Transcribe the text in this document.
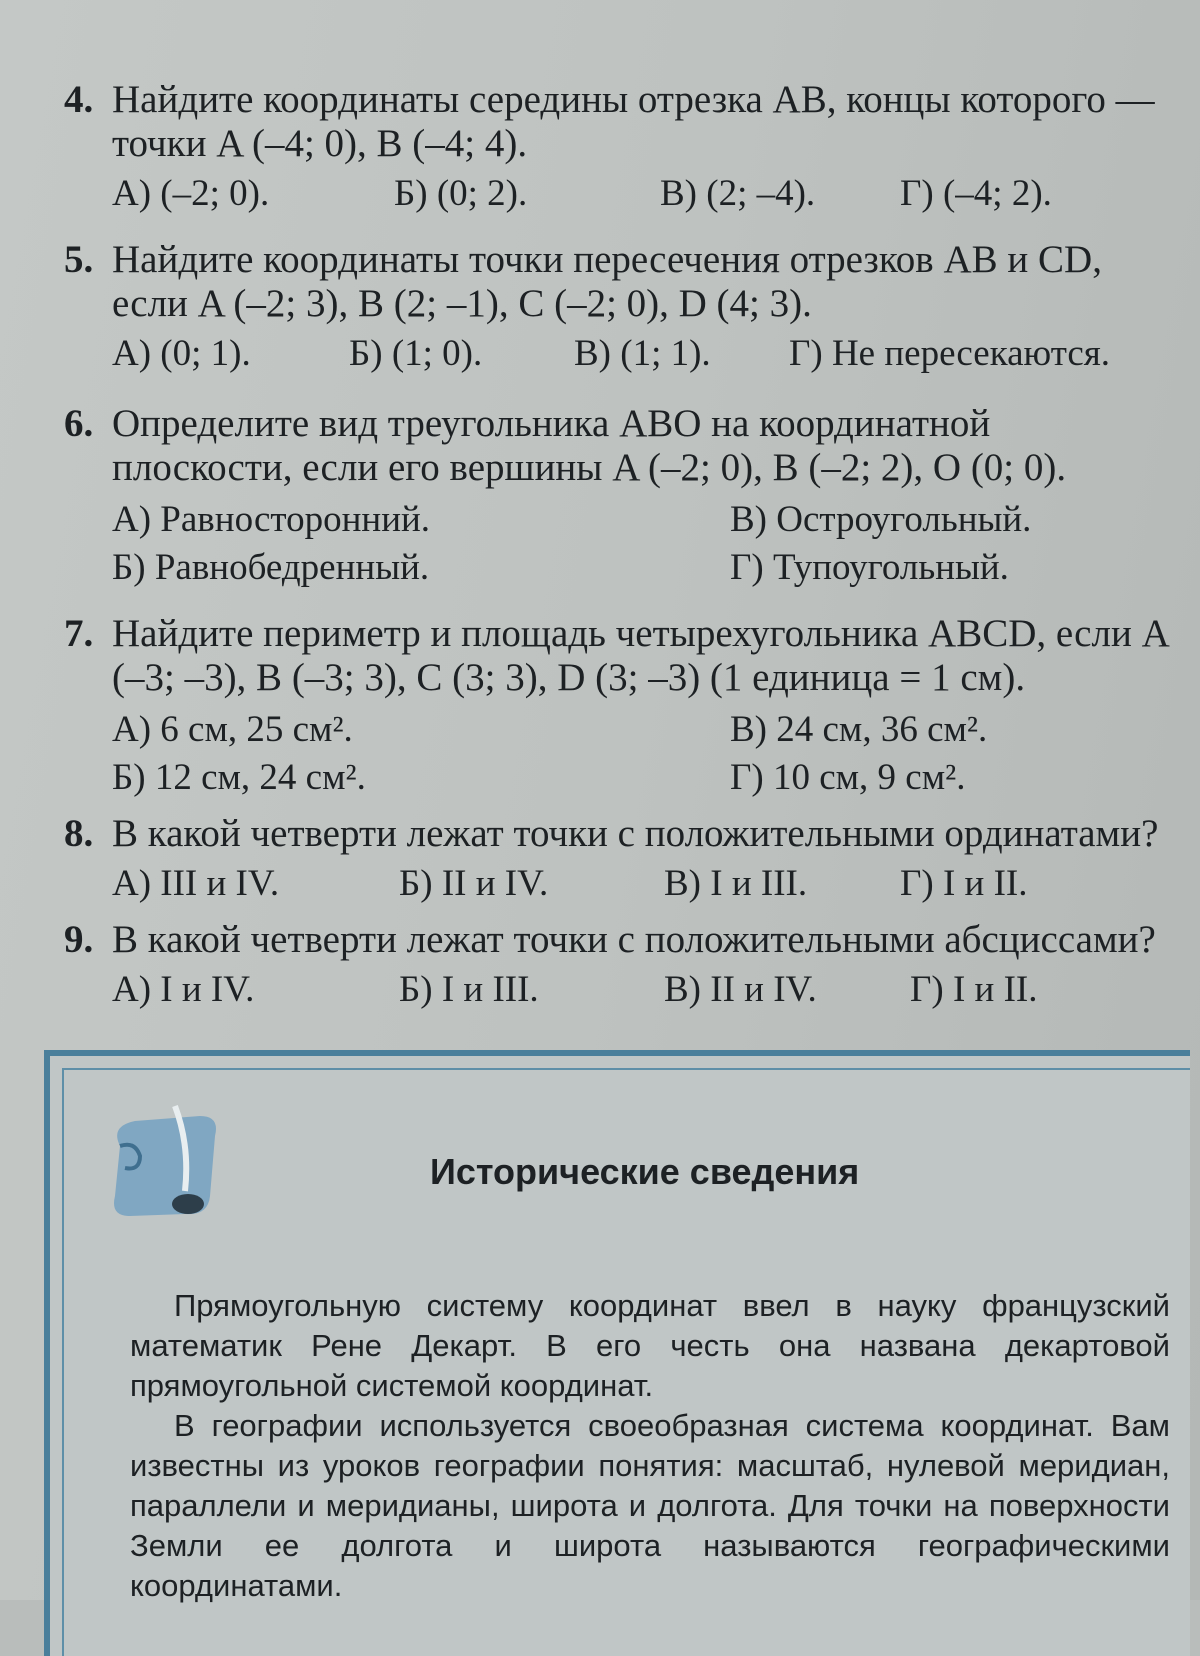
4. Найдите координаты середины отрезка AB, концы которого — точки A (–4; 0), B (–4; 4).
А) (–2; 0).	Б) (0; 2).	В) (2; –4). Г) (–4; 2).
5. Найдите координаты точки пересечения отрезков AB и CD, если A (–2; 3), B (2; –1), C (–2; 0), D (4; 3).
А) (0; 1).	Б) (1; 0). В) (1; 1). Г) Не пересекаются.
6. Определите вид треугольника ABO на координатной плоскости, если его вершины A (–2; 0), B (–2; 2), O (0; 0).
А) Равносторонний.	В) Остроугольный.
Б) Равнобедренный.	Г) Тупоугольный.
7. Найдите периметр и площадь четырехугольника ABCD, если A (–3; –3), B (–3; 3), C (3; 3), D (3; –3) (1 единица = 1 см).
А) 6 см, 25 см².	В) 24 см, 36 см².
Б) 12 см, 24 см².	Г) 10 см, 9 см².
8. В какой четверти лежат точки с положительными ординатами?
А) III и IV.	Б) II и IV.	В) I и III.	Г) I и II.
9. В какой четверти лежат точки с положительными абсциссами?
А) I и IV.	Б) I и III.	В) II и IV.	Г) I и II.
Исторические сведения

Прямоугольную систему координат ввел в науку французский математик Рене Декарт. В его честь она названа декартовой прямоугольной системой координат.

В географии используется своеобразная система координат. Вам известны из уроков географии понятия: масштаб, нулевой меридиан, параллели и меридианы, широта и долгота. Для точки на поверхности Земли ее долгота и широта называются географическими координатами.
